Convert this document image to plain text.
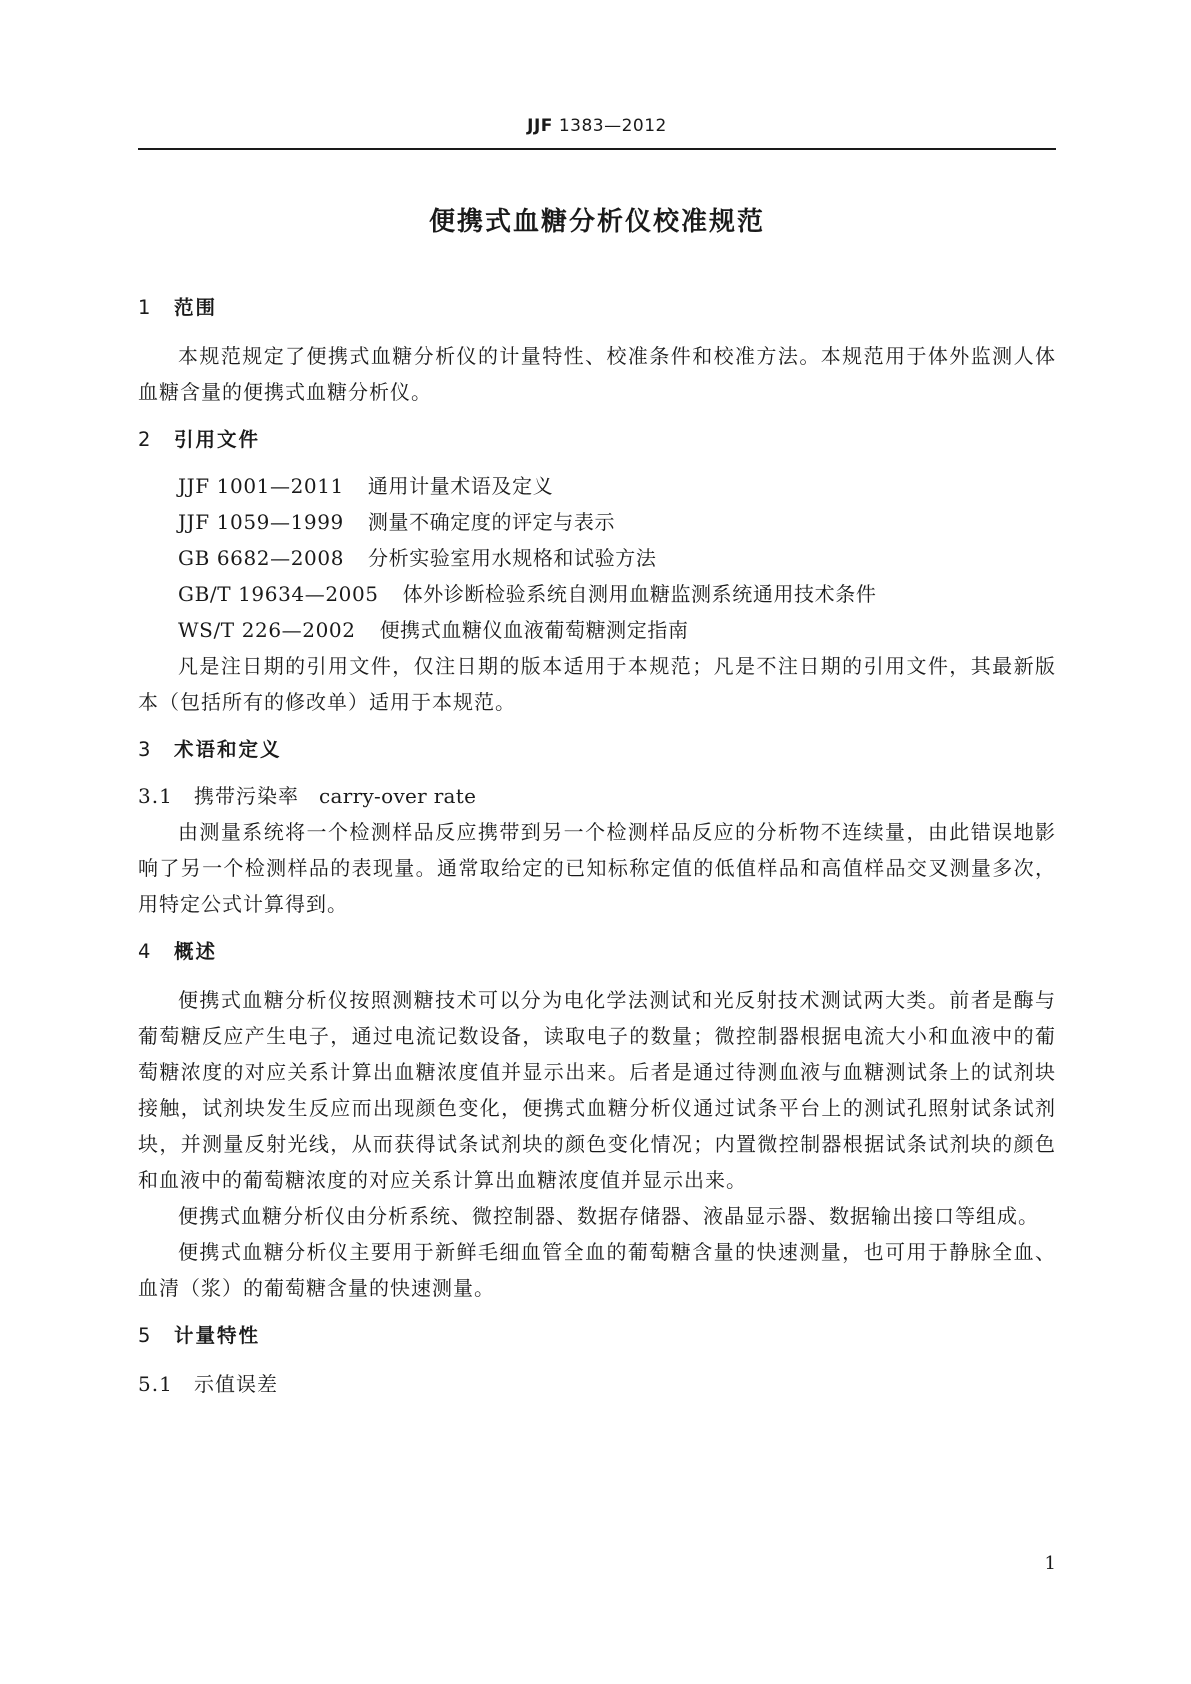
JJF 1383—2012
便携式血糖分析仪校准规范
1 范围

本规范规定了便携式血糖分析仪的计量特性、校准条件和校准方法。本规范用于体外监测人体血糖含量的便携式血糖分析仪。

2 引用文件

JJF 1001—2011 通用计量术语及定义

JJF 1059—1999 测量不确定度的评定与表示

GB 6682—2008 分析实验室用水规格和试验方法

GB/T 19634—2005 体外诊断检验系统自测用血糖监测系统通用技术条件

WS/T 226—2002 便携式血糖仪血液葡萄糖测定指南

凡是注日期的引用文件，仅注日期的版本适用于本规范；凡是不注日期的引用文件，其最新版本（包括所有的修改单）适用于本规范。

3 术语和定义

3.1 携带污染率 carry-over rate

由测量系统将一个检测样品反应携带到另一个检测样品反应的分析物不连续量，由此错误地影响了另一个检测样品的表现量。通常取给定的已知标称定值的低值样品和高值样品交叉测量多次，用特定公式计算得到。

4 概述

便携式血糖分析仪按照测糖技术可以分为电化学法测试和光反射技术测试两大类。前者是酶与葡萄糖反应产生电子，通过电流记数设备，读取电子的数量；微控制器根据电流大小和血液中的葡萄糖浓度的对应关系计算出血糖浓度值并显示出来。后者是通过待测血液与血糖测试条上的试剂块接触，试剂块发生反应而出现颜色变化，便携式血糖分析仪通过试条平台上的测试孔照射试条试剂块，并测量反射光线，从而获得试条试剂块的颜色变化情况；内置微控制器根据试条试剂块的颜色和血液中的葡萄糖浓度的对应关系计算出血糖浓度值并显示出来。

便携式血糖分析仪由分析系统、微控制器、数据存储器、液晶显示器、数据输出接口等组成。

便携式血糖分析仪主要用于新鲜毛细血管全血的葡萄糖含量的快速测量，也可用于静脉全血、血清（浆）的葡萄糖含量的快速测量。

5 计量特性

5.1 示值误差

1
